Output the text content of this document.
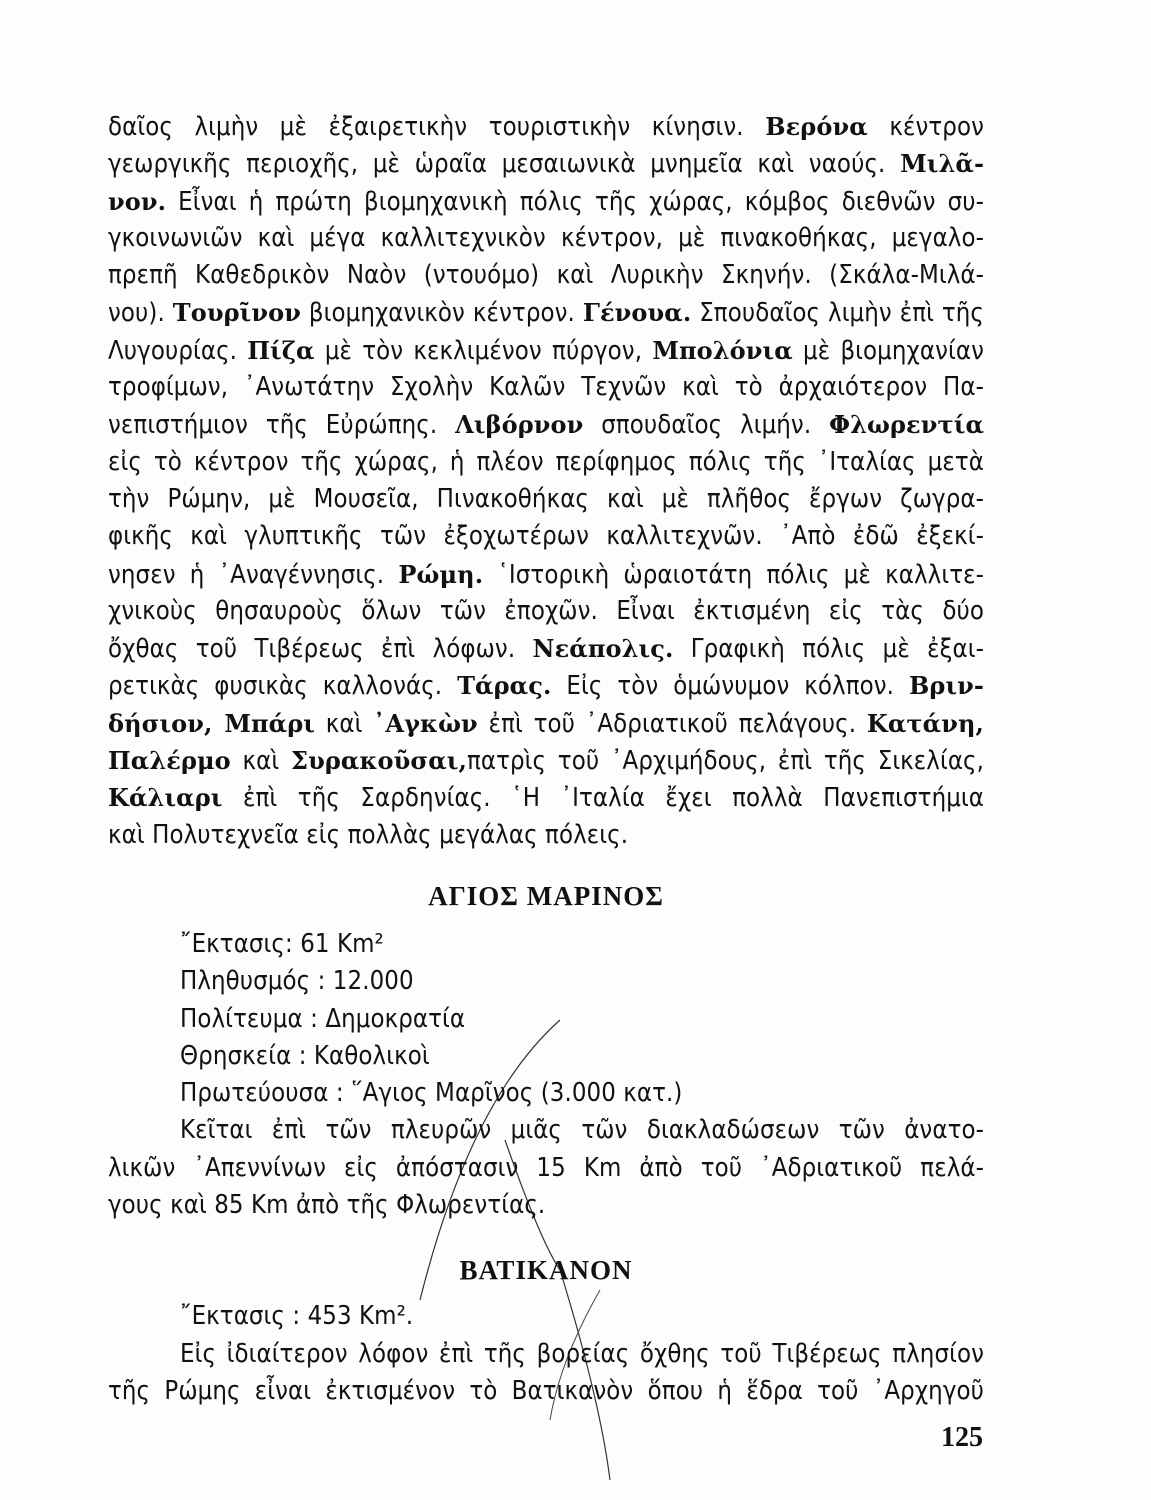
δαῖος λιμὴν μὲ ἐξαιρετικὴν τουριστικὴν κίνησιν. Βερόνα κέντρον
γεωργικῆς περιοχῆς, μὲ ὡραῖα μεσαιωνικὰ μνημεῖα καὶ ναούς. Μιλᾶ-
νον. Εἶναι ἡ πρώτη βιομηχανικὴ πόλις τῆς χώρας, κόμβος διεθνῶν συ-
γκοινωνιῶν καὶ μέγα καλλιτεχνικὸν κέντρον, μὲ πινακοθήκας, μεγαλο-
πρεπῆ Καθεδρικὸν Ναὸν (ντουόμο) καὶ Λυρικὴν Σκηνήν. (Σκάλα-Μιλά-
νου). Τουρῖνον βιομηχανικὸν κέντρον. Γένουα. Σπουδαῖος λιμὴν ἐπὶ τῆς
Λυγουρίας. Πίζα μὲ τὸν κεκλιμένον πύργον, Μπολόνια μὲ βιομηχανίαν
τροφίμων, ᾿Ανωτάτην Σχολὴν Καλῶν Τεχνῶν καὶ τὸ ἀρχαιότερον Πα-
νεπιστήμιον τῆς Εὐρώπης. Λιβόρνον σπουδαῖος λιμήν. Φλωρεντία
εἰς τὸ κέντρον τῆς χώρας, ἡ πλέον περίφημος πόλις τῆς ᾿Ιταλίας μετὰ
τὴν Ρώμην, μὲ Μουσεῖα, Πινακοθήκας καὶ μὲ πλῆθος ἔργων ζωγρα-
φικῆς καὶ γλυπτικῆς τῶν ἐξοχωτέρων καλλιτεχνῶν. ᾿Απὸ ἐδῶ ἐξεκί-
νησεν ἡ ᾿Αναγέννησις. Ρώμη. ῾Ιστορικὴ ὡραιοτάτη πόλις μὲ καλλιτε-
χνικοὺς θησαυροὺς ὅλων τῶν ἐποχῶν. Εἶναι ἐκτισμένη εἰς τὰς δύο
ὄχθας τοῦ Τιβέρεως ἐπὶ λόφων. Νεάπολις. Γραφικὴ πόλις μὲ ἐξαι-
ρετικὰς φυσικὰς καλλονάς. Τάρας. Εἰς τὸν ὁμώνυμον κόλπον. Βριν-
δήσιον, Μπάρι καὶ ᾿Αγκὼν ἐπὶ τοῦ ᾿Αδριατικοῦ πελάγους. Κατάνη,
Παλέρμο καὶ Συρακοῦσαι,πατρὶς τοῦ ᾿Αρχιμήδους, ἐπὶ τῆς Σικελίας,
Κάλιαρι ἐπὶ τῆς Σαρδηνίας. ῾Η ᾿Ιταλία ἔχει πολλὰ Πανεπιστήμια
καὶ Πολυτεχνεῖα εἰς πολλὰς μεγάλας πόλεις.
ΑΓΙΟΣ ΜΑΡΙΝΟΣ
῎Εκτασις: 61 Km²
Πληθυσμός : 12.000
Πολίτευμα : Δημοκρατία
Θρησκεία : Καθολικοὶ
Πρωτεύουσα : ῞Αγιος Μαρῖνος (3.000 κατ.)
Κεῖται ἐπὶ τῶν πλευρῶν μιᾶς τῶν διακλαδώσεων τῶν ἀνατο-
λικῶν ᾿Απεννίνων εἰς ἀπόστασιν 15 Km ἀπὸ τοῦ ᾿Αδριατικοῦ πελά-
γους καὶ 85 Km ἀπὸ τῆς Φλωρεντίας.
ΒΑΤΙΚΑΝΟΝ
῎Εκτασις : 453 Km².
Εἰς ἰδιαίτερον λόφον ἐπὶ τῆς βορείας ὄχθης τοῦ Τιβέρεως πλησίον
τῆς Ρώμης εἶναι ἐκτισμένον τὸ Βατικανὸν ὅπου ἡ ἕδρα τοῦ ᾿Αρχηγοῦ
125
